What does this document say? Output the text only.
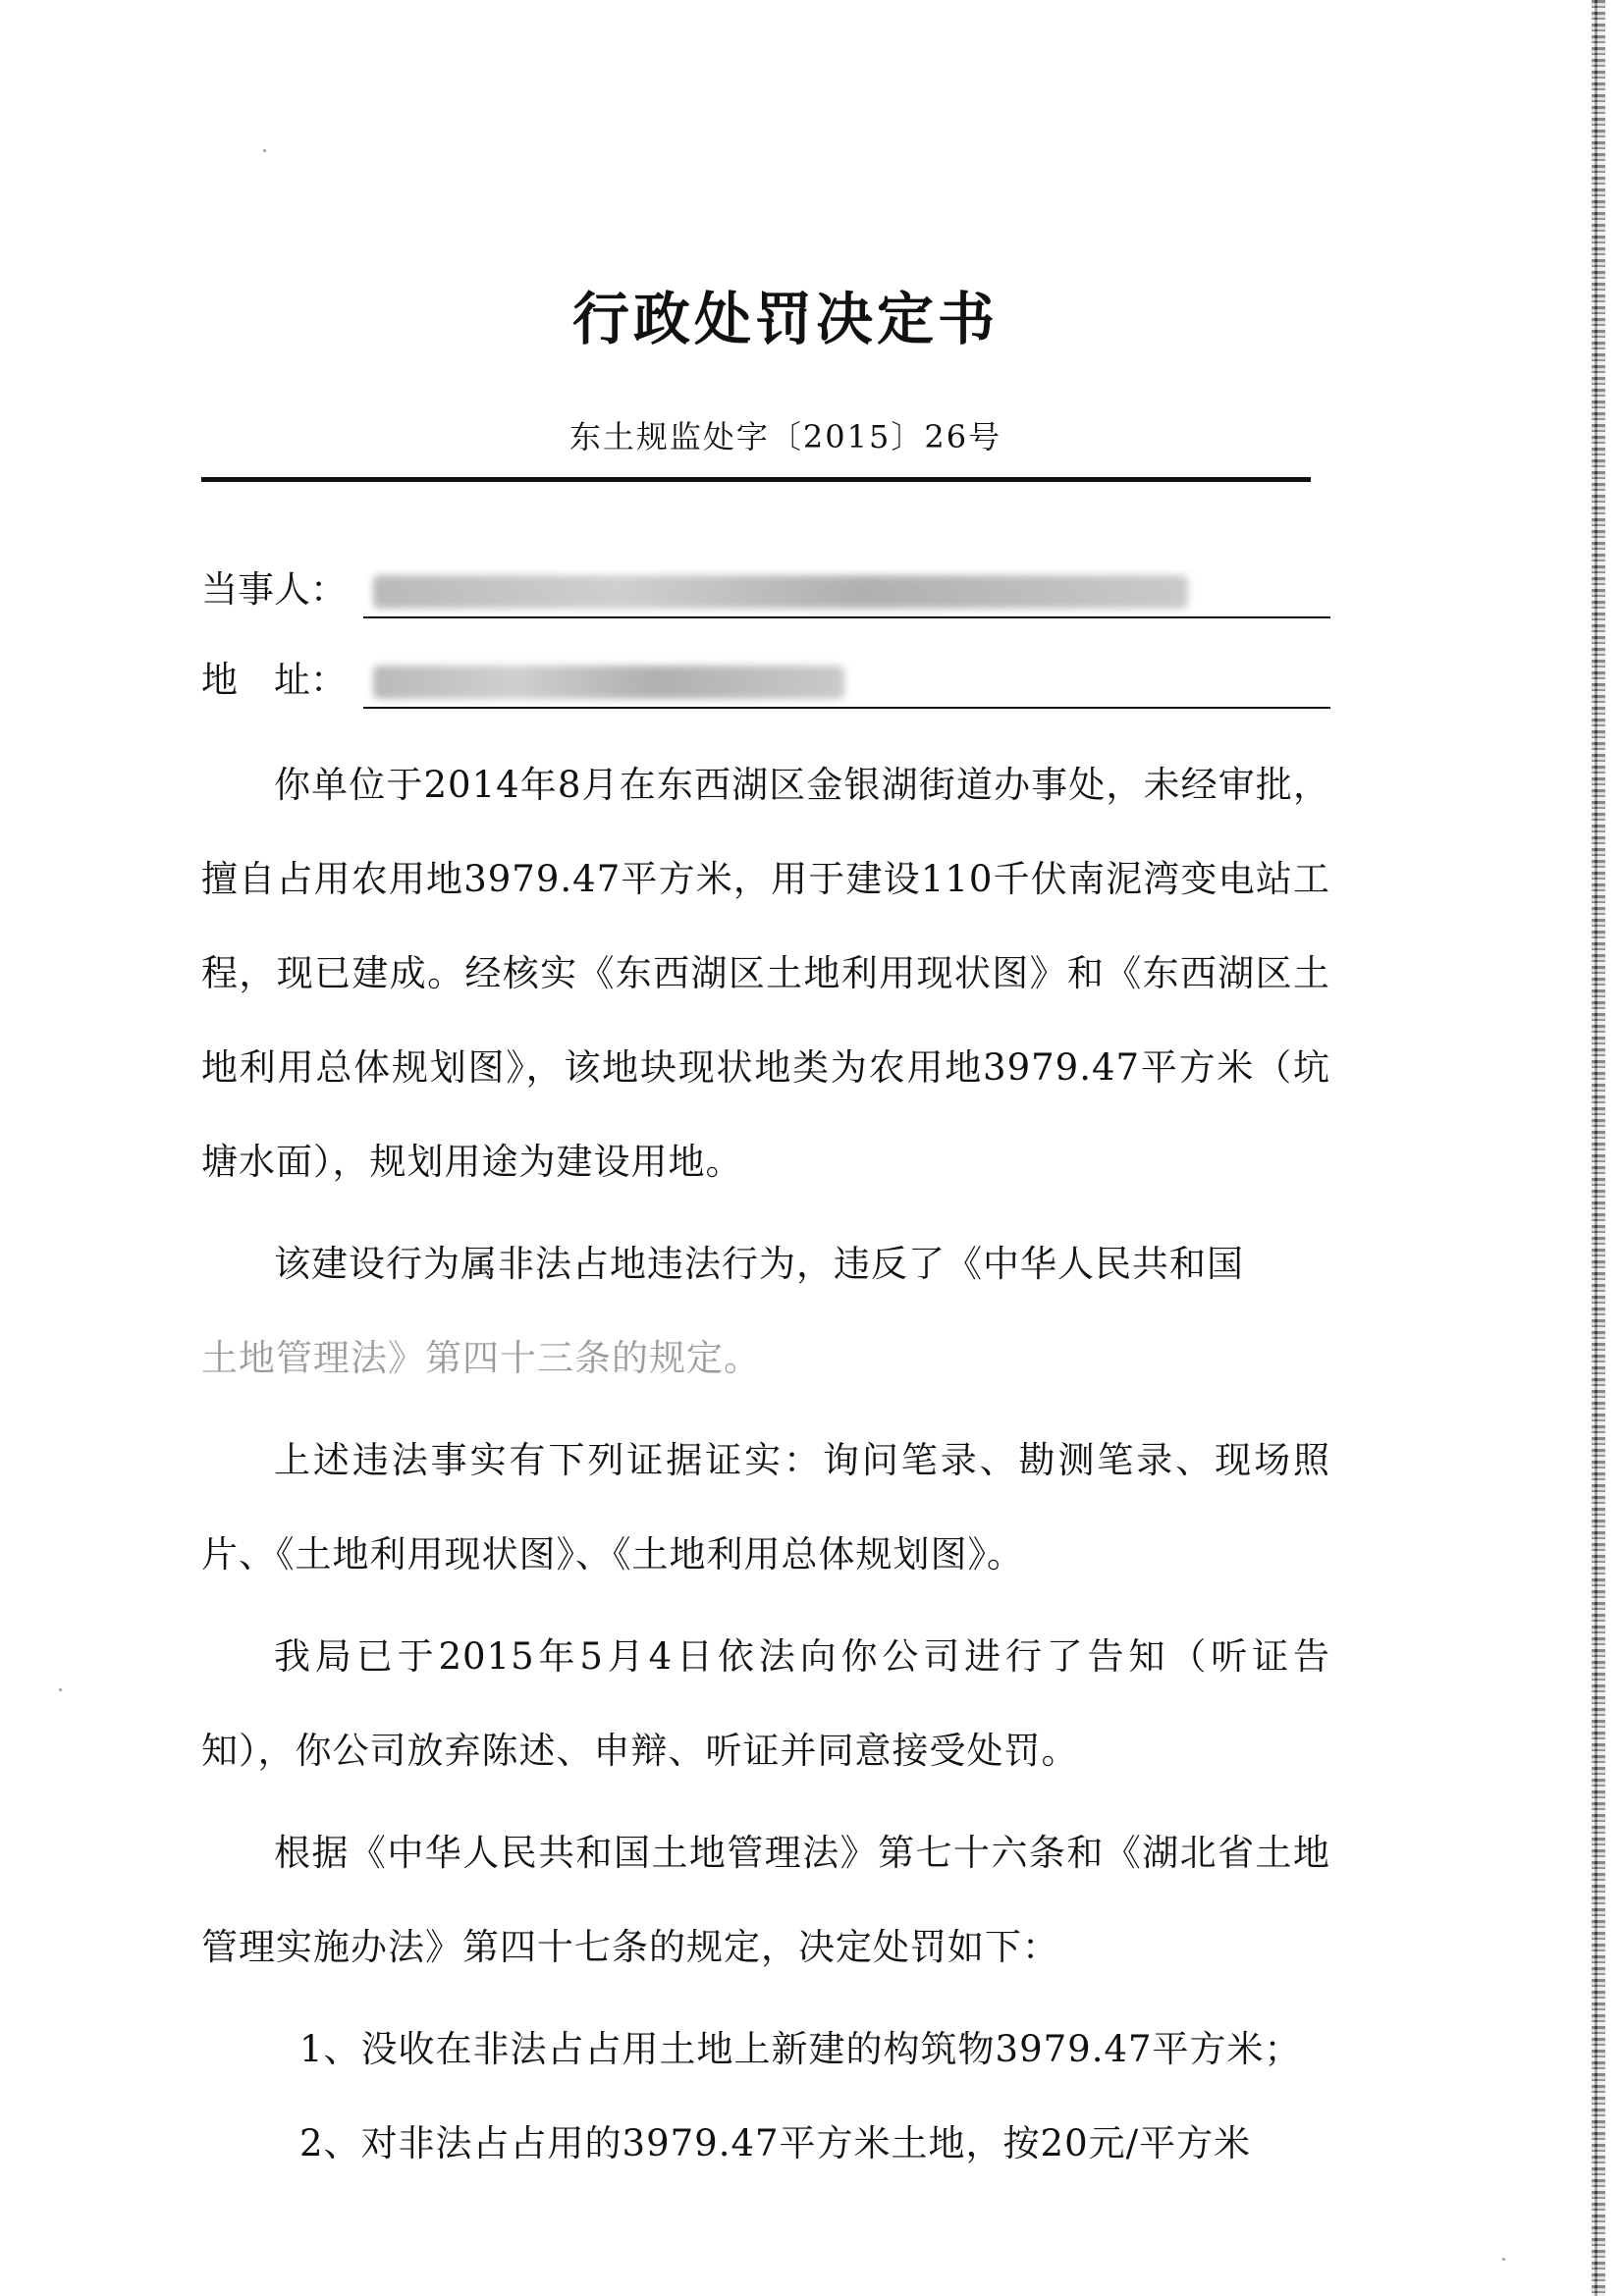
行政处罚决定书
东土规监处字〔2015〕26号
当事人：
地　址：

你单位于2014年8月在东西湖区金银湖街道办事处，未经审批，擅自占用农用地3979.47平方米，用于建设110千伏南泥湾变电站工程，现已建成。经核实《东西湖区土地利用现状图》和《东西湖区土地利用总体规划图》，该地块现状地类为农用地3979.47平方米（坑塘水面），规划用途为建设用地。

该建设行为属非法占地违法行为，违反了《中华人民共和国

土地管理法》第四十三条的规定。

上述违法事实有下列证据证实：询问笔录、勘测笔录、现场照片、《土地利用现状图》、《土地利用总体规划图》。

我局已于2015年5月4日依法向你公司进行了告知（听证告知），你公司放弃陈述、申辩、听证并同意接受处罚。

根据《中华人民共和国土地管理法》第七十六条和《湖北省土地管理实施办法》第四十七条的规定，决定处罚如下：

1、没收在非法占占用土地上新建的构筑物3979.47平方米；

2、对非法占占用的3979.47平方米土地，按20元/平方米
